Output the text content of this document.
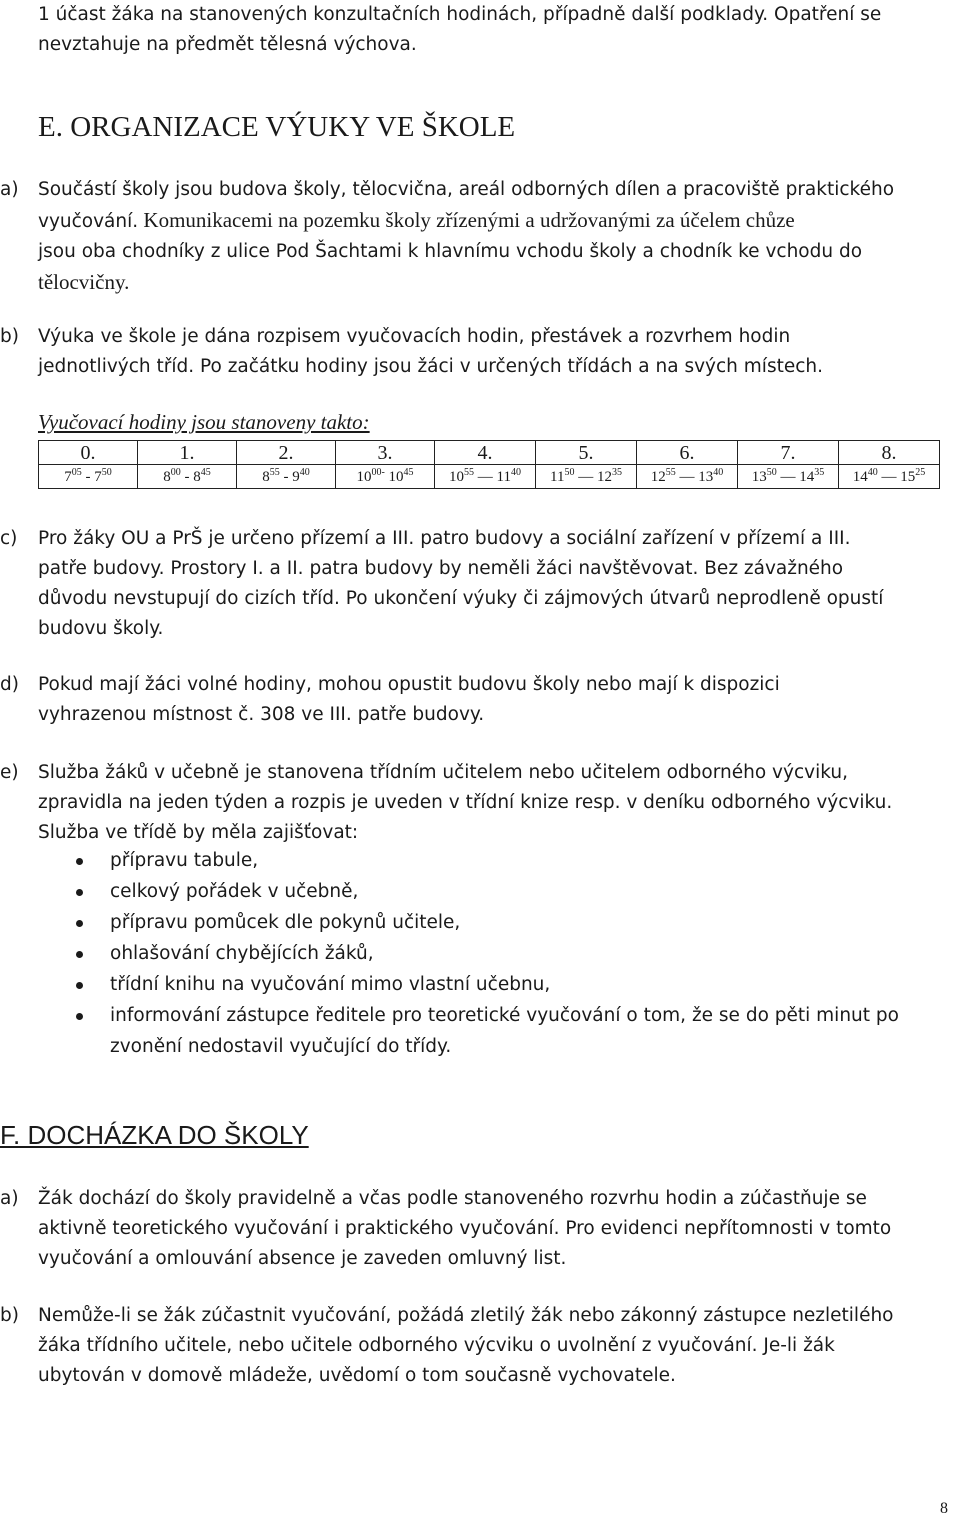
1 účast žáka na stanovených konzultačních hodinách, případně další podklady. Opatření se
nevztahuje na předmět tělesná výchova.
E. ORGANIZACE VÝUKY VE ŠKOLE
a) Součástí školy jsou budova školy, tělocvična, areál odborných dílen a pracoviště praktického
vyučování. Komunikacemi na pozemku školy zřízenými a udržovanými za účelem chůze
jsou oba chodníky z ulice Pod Šachtami k hlavnímu vchodu školy a chodník ke vchodu do
tělocvičny.
b) Výuka ve škole je dána rozpisem vyučovacích hodin, přestávek a rozvrhem hodin
jednotlivých tříd. Po začátku hodiny jsou žáci v určených třídách a na svých místech.
Vyučovací hodiny jsou stanoveny takto:
0.	1.	2.	3.	4.	5.	6.	7.	8.
$7^{05} - 7^{50}$	$8^{00} - 8^{45}$	$8^{55} - 9^{40}$	$10^{00-}$ $10^{45}$	$10^{55}$ — $11^{40}$	$11^{50}$ — $12^{35}$	$12^{55}$ — $13^{40}$	$13^{50}$ — $14^{35}$	$14^{40}$ — $15^{25}$
c) Pro žáky OU a PrŠ je určeno přízemí a III. patro budovy a sociální zařízení v přízemí a III.
patře budovy. Prostory I. a II. patra budovy by neměli žáci navštěvovat. Bez závažného
důvodu nevstupují do cizích tříd. Po ukončení výuky či zájmových útvarů neprodleně opustí
budovu školy.
d) Pokud mají žáci volné hodiny, mohou opustit budovu školy nebo mají k dispozici
vyhrazenou místnost č. 308 ve III. patře budovy.
e) Služba žáků v učebně je stanovena třídním učitelem nebo učitelem odborného výcviku,
zpravidla na jeden týden a rozpis je uveden v třídní knize resp. v deníku odborného výcviku.
Služba ve třídě by měla zajišťovat:
přípravu tabule,
celkový pořádek v učebně,
přípravu pomůcek dle pokynů učitele,
ohlašování chybějících žáků,
třídní knihu na vyučování mimo vlastní učebnu,
informování zástupce ředitele pro teoretické vyučování o tom, že se do pěti minut po
zvonění nedostavil vyučující do třídy.
F. DOCHÁZKA DO ŠKOLY
a) Žák dochází do školy pravidelně a včas podle stanoveného rozvrhu hodin a zúčastňuje se
aktivně teoretického vyučování i praktického vyučování. Pro evidenci nepřítomnosti v tomto
vyučování a omlouvání absence je zaveden omluvný list.
b) Nemůže-li se žák zúčastnit vyučování, požádá zletilý žák nebo zákonný zástupce nezletilého
žáka třídního učitele, nebo učitele odborného výcviku o uvolnění z vyučování. Je-li žák
ubytován v domově mládeže, uvědomí o tom současně vychovatele.
8
